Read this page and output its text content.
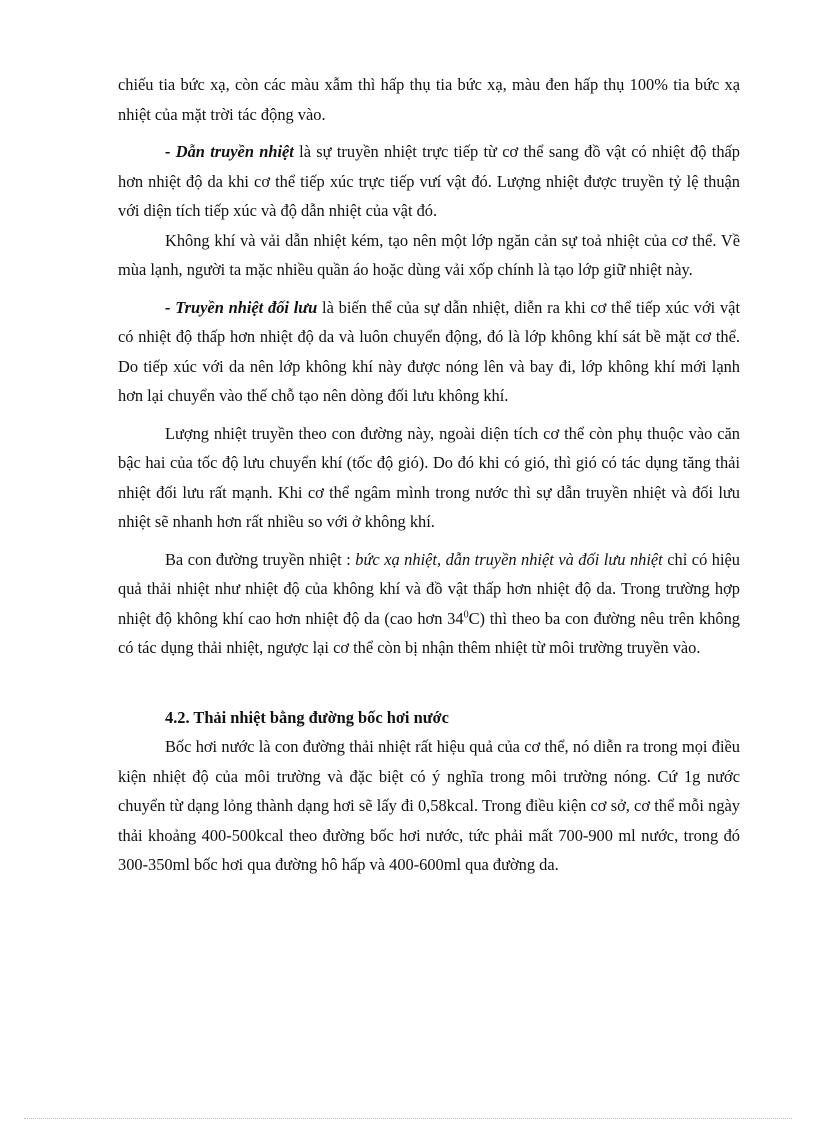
chiếu tia bức xạ, còn các màu xẫm thì hấp thụ tia bức xạ, màu đen hấp thụ 100% tia bức xạ nhiệt của mặt trời tác động vào.

- Dẫn truyền nhiệt là sự truyền nhiệt trực tiếp từ cơ thể sang đồ vật có nhiệt độ thấp hơn nhiệt độ da khi cơ thể tiếp xúc trực tiếp vưí vật đó. Lượng nhiệt được truyền tỷ lệ thuận với diện tích tiếp xúc và độ dẫn nhiệt của vật đó.

Không khí và vải dẫn nhiệt kém, tạo nên một lớp ngăn cản sự toả nhiệt của cơ thể. Về mùa lạnh, người ta mặc nhiều quần áo hoặc dùng vải xốp chính là tạo lớp giữ nhiệt này.

- Truyền nhiệt đối lưu là biến thể của sự dẫn nhiệt, diễn ra khi cơ thể tiếp xúc với vật có nhiệt độ thấp hơn nhiệt độ da và luôn chuyển động, đó là lớp không khí sát bề mặt cơ thể. Do tiếp xúc với da nên lớp không khí này được nóng lên và bay đi, lớp không khí mới lạnh hơn lại chuyển vào thế chỗ tạo nên dòng đối lưu không khí.

Lượng nhiệt truyền theo con đường này, ngoài diện tích cơ thể còn phụ thuộc vào căn bậc hai của tốc độ lưu chuyển khí (tốc độ gió). Do đó khi có gió, thì gió có tác dụng tăng thải nhiệt đối lưu rất mạnh. Khi cơ thể ngâm mình trong nước thì sự dẫn truyền nhiệt và đối lưu nhiệt sẽ nhanh hơn rất nhiều so với ở không khí.

Ba con đường truyền nhiệt : bức xạ nhiệt, dẫn truyền nhiệt và đối lưu nhiệt chỉ có hiệu quả thải nhiệt như nhiệt độ của không khí và đồ vật thấp hơn nhiệt độ da. Trong trường hợp nhiệt độ không khí cao hơn nhiệt độ da (cao hơn $34^0C$) thì theo ba con đường nêu trên không có tác dụng thải nhiệt, ngược lại cơ thể còn bị nhận thêm nhiệt từ môi trường truyền vào.

4.2. Thải nhiệt bằng đường bốc hơi nước

Bốc hơi nước là con đường thải nhiệt rất hiệu quả của cơ thể, nó diễn ra trong mọi điều kiện nhiệt độ của môi trường và đặc biệt có ý nghĩa trong môi trường nóng. Cứ 1g nước chuyển từ dạng lỏng thành dạng hơi sẽ lấy đi 0,58kcal. Trong điều kiện cơ sở, cơ thể mỗi ngày thải khoảng 400-500kcal theo đường bốc hơi nước, tức phải mất 700-900 ml nước, trong đó 300-350ml bốc hơi qua đường hô hấp và 400-600ml qua đường da.
